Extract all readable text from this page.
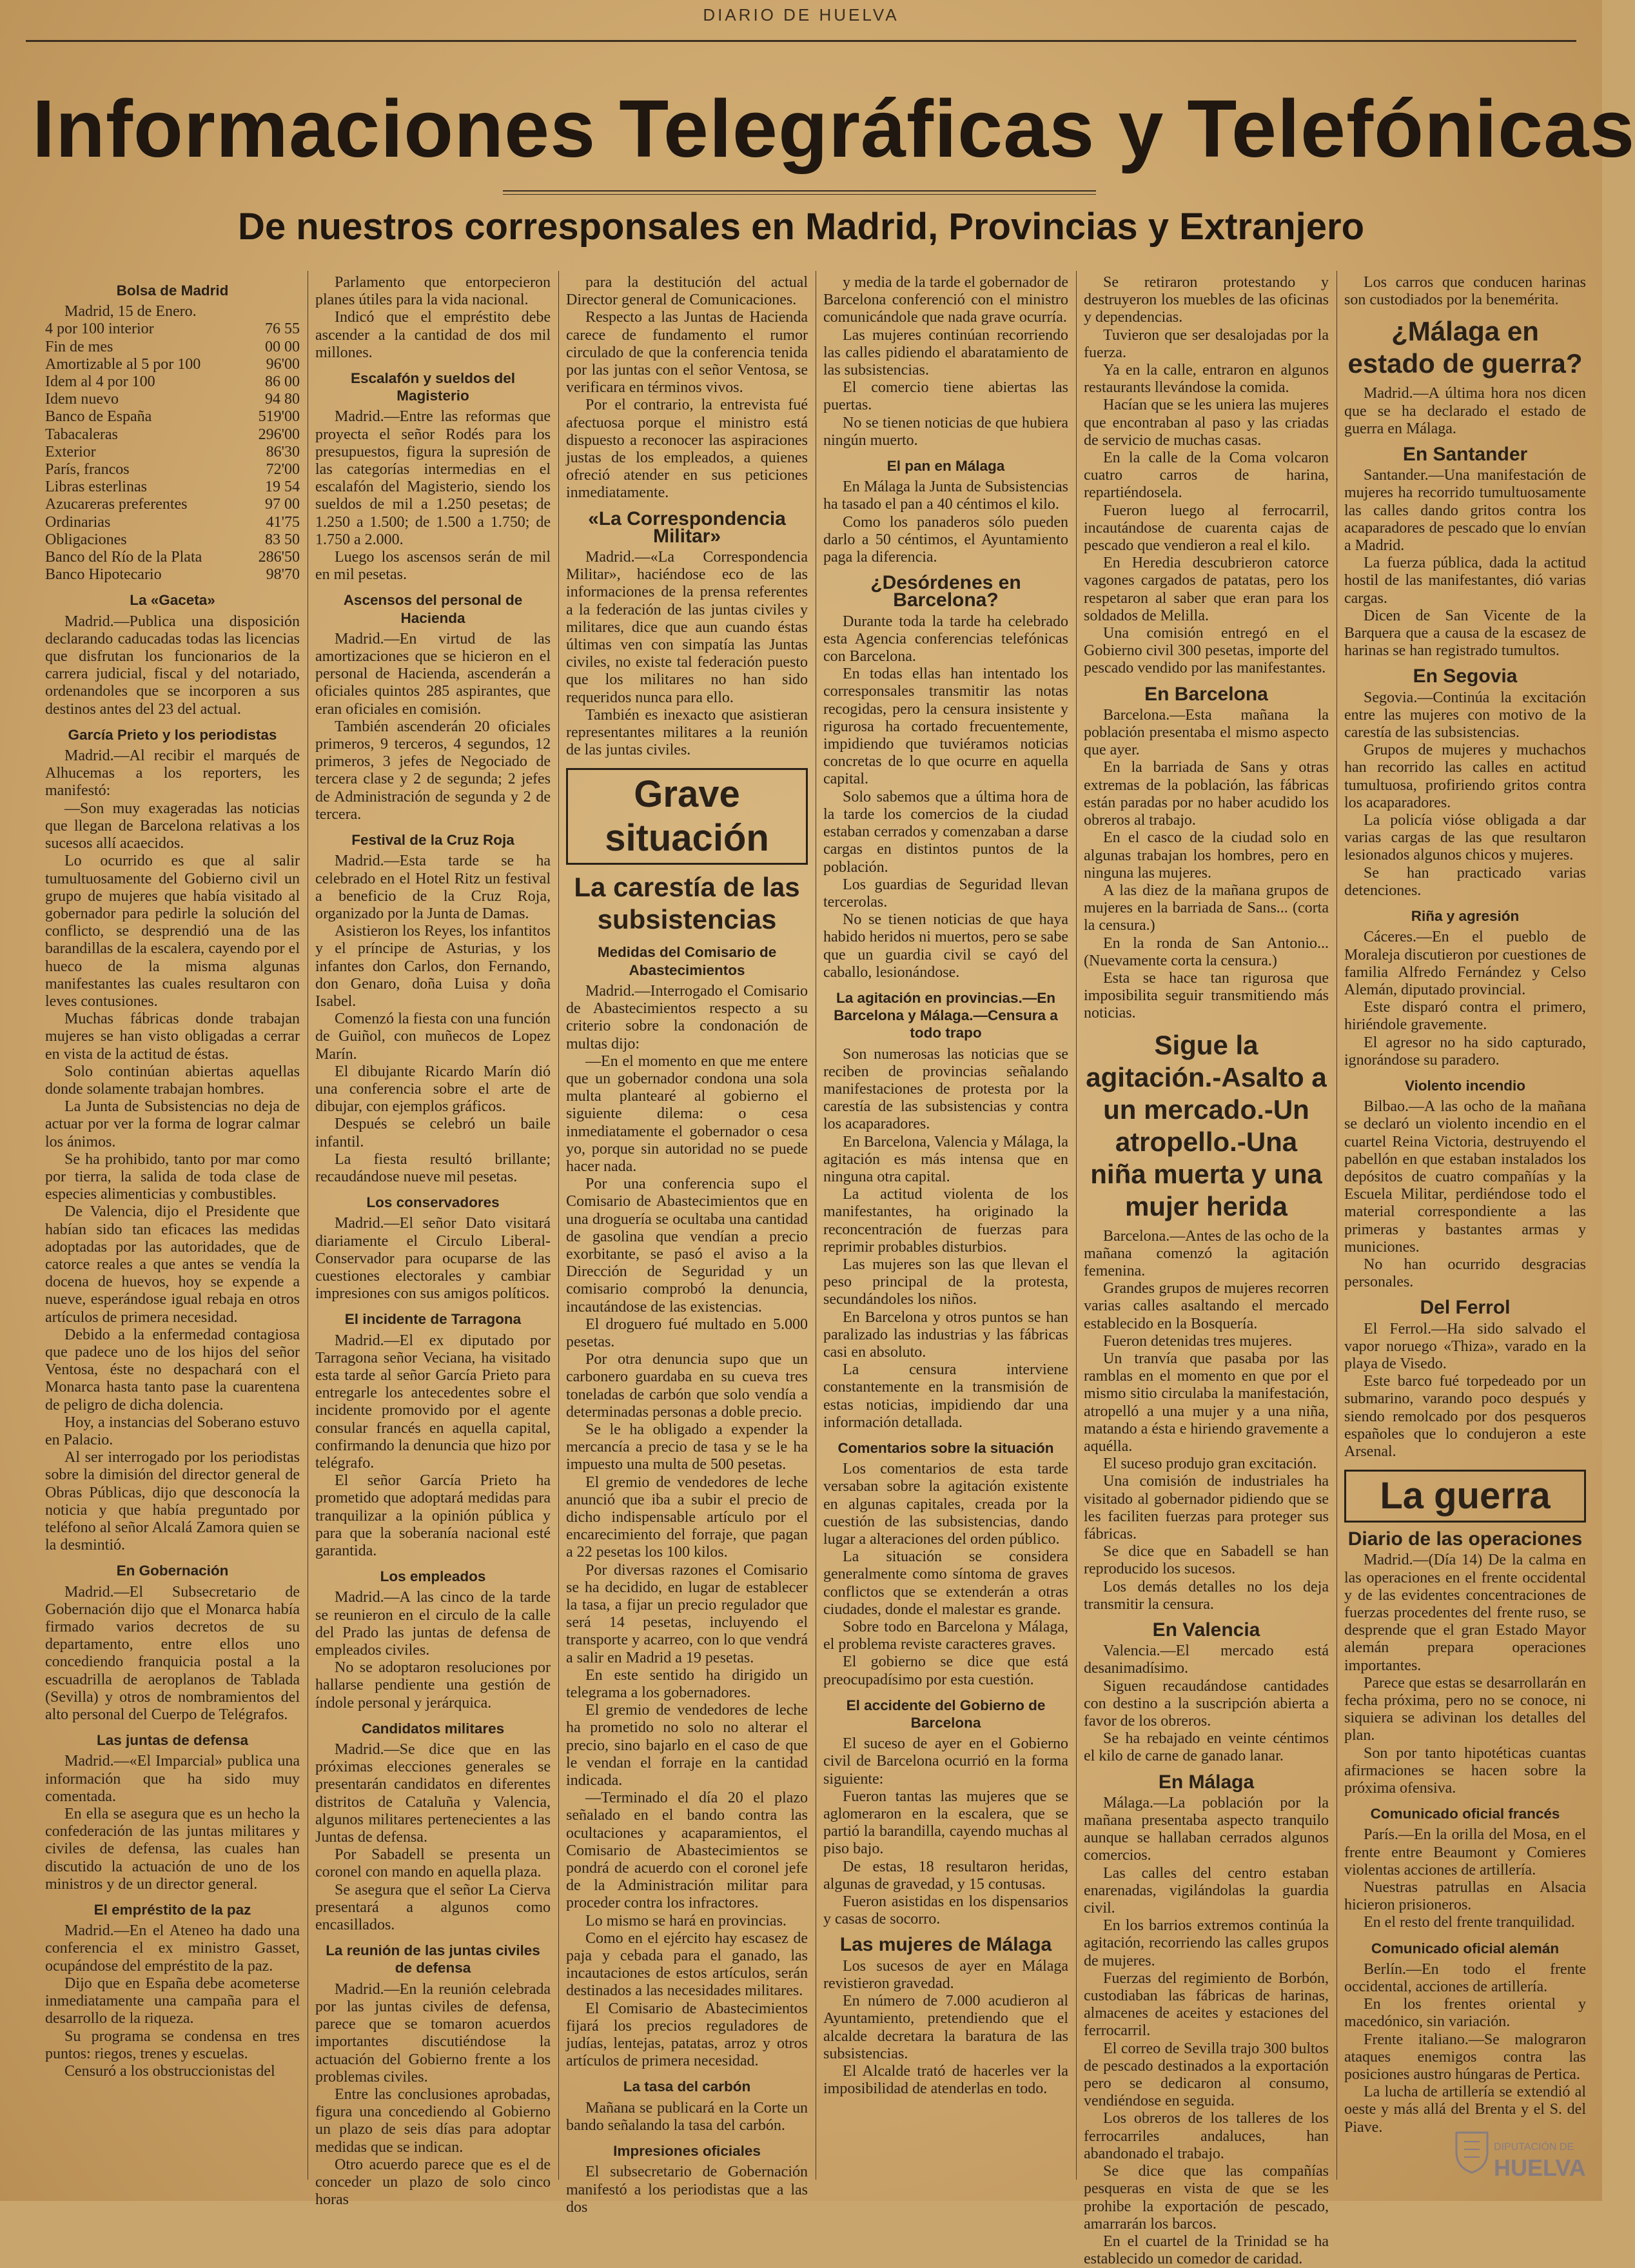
DIARIO DE HUELVA
Informaciones Telegráficas y Telefónicas
De nuestros corresponsales en Madrid, Provincias y Extranjero
Bolsa de Madrid

Madrid, 15 de Enero.

4 por 100 interior	76 55
Fin de mes	00 00
Amortizable al 5 por 100	96'00
Idem al 4 por 100	86 00
Idem nuevo	94 80
Banco de España	519'00
Tabacaleras	296'00
Exterior	86'30
París, francos	72'00
Libras esterlinas	19 54
Azucareras preferentes	97 00
Ordinarias	41'75
Obligaciones	83 50
Banco del Río de la Plata	286'50
Banco Hipotecario	98'70
La «Gaceta»

Madrid.—Publica una disposición declarando caducadas todas las licencias que disfrutan los funcionarios de la carrera judicial, fiscal y del notariado, ordenandoles que se incorporen a sus destinos antes del 23 del actual.

García Prieto y los periodistas

Madrid.—Al recibir el marqués de Alhucemas a los reporters, les manifestó:

—Son muy exageradas las noticias que llegan de Barcelona relativas a los sucesos allí acaecidos.

Lo ocurrido es que al salir tumultuosamente del Gobierno civil un grupo de mujeres que había visitado al gobernador para pedirle la solución del conflicto, se desprendió una de las barandillas de la escalera, cayendo por el hueco de la misma algunas manifestantes las cuales resultaron con leves contusiones.

Muchas fábricas donde trabajan mujeres se han visto obligadas a cerrar en vista de la actitud de éstas.

Solo continúan abiertas aquellas donde solamente trabajan hombres.

La Junta de Subsistencias no deja de actuar por ver la forma de lograr calmar los ánimos.

Se ha prohibido, tanto por mar como por tierra, la salida de toda clase de especies alimenticias y combustibles.

De Valencia, dijo el Presidente que habían sido tan eficaces las medidas adoptadas por las autoridades, que de catorce reales a que antes se vendía la docena de huevos, hoy se expende a nueve, esperándose igual rebaja en otros artículos de primera necesidad.

Debido a la enfermedad contagiosa que padece uno de los hijos del señor Ventosa, éste no despachará con el Monarca hasta tanto pase la cuarentena de peligro de dicha dolencia.

Hoy, a instancias del Soberano estuvo en Palacio.

Al ser interrogado por los periodistas sobre la dimisión del director general de Obras Públicas, dijo que desconocía la noticia y que había preguntado por teléfono al señor Alcalá Zamora quien se la desmintió.

En Gobernación

Madrid.—El Subsecretario de Gobernación dijo que el Monarca había firmado varios decretos de su departamento, entre ellos uno concediendo franquicia postal a la escuadrilla de aeroplanos de Tablada (Sevilla) y otros de nombramientos del alto personal del Cuerpo de Telégrafos.

Las juntas de defensa

Madrid.—«El Imparcial» publica una información que ha sido muy comentada.

En ella se asegura que es un hecho la confederación de las juntas militares y civiles de defensa, las cuales han discutido la actuación de uno de los ministros y de un director general.

El empréstito de la paz

Madrid.—En el Ateneo ha dado una conferencia el ex ministro Gasset, ocupándose del empréstito de la paz.

Dijo que en España debe acometerse inmediatamente una campaña para el desarrollo de la riqueza.

Su programa se condensa en tres puntos: riegos, trenes y escuelas.

Censuró a los obstruccionistas del

Parlamento que entorpecieron planes útiles para la vida nacional.

Indicó que el empréstito debe ascender a la cantidad de dos mil millones.

Escalafón y sueldos del Magisterio

Madrid.—Entre las reformas que proyecta el señor Rodés para los presupuestos, figura la supresión de las categorías intermedias en el escalafón del Magisterio, siendo los sueldos de mil a 1.250 pesetas; de 1.250 a 1.500; de 1.500 a 1.750; de 1.750 a 2.000.

Luego los ascensos serán de mil en mil pesetas.

Ascensos del personal de Hacienda

Madrid.—En virtud de las amortizaciones que se hicieron en el personal de Hacienda, ascenderán a oficiales quintos 285 aspirantes, que eran oficiales en comisión.

También ascenderán 20 oficiales primeros, 9 terceros, 4 segundos, 12 primeros, 3 jefes de Negociado de tercera clase y 2 de segunda; 2 jefes de Administración de segunda y 2 de tercera.

Festival de la Cruz Roja

Madrid.—Esta tarde se ha celebrado en el Hotel Ritz un festival a beneficio de la Cruz Roja, organizado por la Junta de Damas.

Asistieron los Reyes, los infantitos y el príncipe de Asturias, y los infantes don Carlos, don Fernando, don Genaro, doña Luisa y doña Isabel.

Comenzó la fiesta con una función de Guiñol, con muñecos de Lopez Marín.

El dibujante Ricardo Marín dió una conferencia sobre el arte de dibujar, con ejemplos gráficos.

Después se celebró un baile infantil.

La fiesta resultó brillante; recaudándose nueve mil pesetas.

Los conservadores

Madrid.—El señor Dato visitará diariamente el Circulo Liberal-Conservador para ocuparse de las cuestiones electorales y cambiar impresiones con sus amigos políticos.

El incidente de Tarragona

Madrid.—El ex diputado por Tarragona señor Veciana, ha visitado esta tarde al señor García Prieto para entregarle los antecedentes sobre el incidente promovido por el agente consular francés en aquella capital, confirmando la denuncia que hizo por telégrafo.

El señor García Prieto ha prometido que adoptará medidas para tranquilizar a la opinión pública y para que la soberanía nacional esté garantida.

Los empleados

Madrid.—A las cinco de la tarde se reunieron en el circulo de la calle del Prado las juntas de defensa de empleados civiles.

No se adoptaron resoluciones por hallarse pendiente una gestión de índole personal y jerárquica.

Candidatos militares

Madrid.—Se dice que en las próximas elecciones generales se presentarán candidatos en diferentes distritos de Cataluña y Valencia, algunos militares pertenecientes a las Juntas de defensa.

Por Sabadell se presenta un coronel con mando en aquella plaza.

Se asegura que el señor La Cierva presentará a algunos como encasillados.

La reunión de las juntas civiles de defensa

Madrid.—En la reunión celebrada por las juntas civiles de defensa, parece que se tomaron acuerdos importantes discutiéndose la actuación del Gobierno frente a los problemas civiles.

Entre las conclusiones aprobadas, figura una concediendo al Gobierno un plazo de seis días para adoptar medidas que se indican.

Otro acuerdo parece que es el de conceder un plazo de solo cinco horas

para la destitución del actual Director general de Comunicaciones.

Respecto a las Juntas de Hacienda carece de fundamento el rumor circulado de que la conferencia tenida por las juntas con el señor Ventosa, se verificara en términos vivos.

Por el contrario, la entrevista fué afectuosa porque el ministro está dispuesto a reconocer las aspiraciones justas de los empleados, a quienes ofreció atender en sus peticiones inmediatamente.

«La Correspondencia Militar»

Madrid.—«La Correspondencia Militar», haciéndose eco de las informaciones de la prensa referentes a la federación de las juntas civiles y militares, dice que aun cuando éstas últimas ven con simpatía las Juntas civiles, no existe tal federación puesto que los militares no han sido requeridos nunca para ello.

También es inexacto que asistieran representantes militares a la reunión de las juntas civiles.

Grave situación
La carestía de las subsistencias
Medidas del Comisario de Abastecimientos

Madrid.—Interrogado el Comisario de Abastecimientos respecto a su criterio sobre la condonación de multas dijo:

—En el momento en que me entere que un gobernador condona una sola multa plantearé al gobierno el siguiente dilema: o cesa inmediatamente el gobernador o cesa yo, porque sin autoridad no se puede hacer nada.

Por una conferencia supo el Comisario de Abastecimientos que en una droguería se ocultaba una cantidad de gasolina que vendían a precio exorbitante, se pasó el aviso a la Dirección de Seguridad y un comisario comprobó la denuncia, incautándose de las existencias.

El droguero fué multado en 5.000 pesetas.

Por otra denuncia supo que un carbonero guardaba en su cueva tres toneladas de carbón que solo vendía a determinadas personas a doble precio.

Se le ha obligado a expender la mercancía a precio de tasa y se le ha impuesto una multa de 500 pesetas.

El gremio de vendedores de leche anunció que iba a subir el precio de dicho indispensable artículo por el encarecimiento del forraje, que pagan a 22 pesetas los 100 kilos.

Por diversas razones el Comisario se ha decidido, en lugar de establecer la tasa, a fijar un precio regulador que será 14 pesetas, incluyendo el transporte y acarreo, con lo que vendrá a salir en Madrid a 19 pesetas.

En este sentido ha dirigido un telegrama a los gobernadores.

El gremio de vendedores de leche ha prometido no solo no alterar el precio, sino bajarlo en el caso de que le vendan el forraje en la cantidad indicada.

—Terminado el día 20 el plazo señalado en el bando contra las ocultaciones y acaparamientos, el Comisario de Abastecimientos se pondrá de acuerdo con el coronel jefe de la Administración militar para proceder contra los infractores.

Lo mismo se hará en provincias.

Como en el ejército hay escasez de paja y cebada para el ganado, las incautaciones de estos artículos, serán destinados a las necesidades militares.

El Comisario de Abastecimientos fijará los precios reguladores de judías, lentejas, patatas, arroz y otros artículos de primera necesidad.

La tasa del carbón

Mañana se publicará en la Corte un bando señalando la tasa del carbón.

Impresiones oficiales

El subsecretario de Gobernación manifestó a los periodistas que a las dos

y media de la tarde el gobernador de Barcelona conferenció con el ministro comunicándole que nada grave ocurría.

Las mujeres continúan recorriendo las calles pidiendo el abaratamiento de las subsistencias.

El comercio tiene abiertas las puertas.

No se tienen noticias de que hubiera ningún muerto.

El pan en Málaga

En Málaga la Junta de Subsistencias ha tasado el pan a 40 céntimos el kilo.

Como los panaderos sólo pueden darlo a 50 céntimos, el Ayuntamiento paga la diferencia.

¿Desórdenes en Barcelona?

Durante toda la tarde ha celebrado esta Agencia conferencias telefónicas con Barcelona.

En todas ellas han intentado los corresponsales transmitir las notas recogidas, pero la censura insistente y rigurosa ha cortado frecuentemente, impidiendo que tuviéramos noticias concretas de lo que ocurre en aquella capital.

Solo sabemos que a última hora de la tarde los comercios de la ciudad estaban cerrados y comenzaban a darse cargas en distintos puntos de la población.

Los guardias de Seguridad llevan tercerolas.

No se tienen noticias de que haya habido heridos ni muertos, pero se sabe que un guardia civil se cayó del caballo, lesionándose.

La agitación en provincias.—En Barcelona y Málaga.—Censura a todo trapo

Son numerosas las noticias que se reciben de provincias señalando manifestaciones de protesta por la carestía de las subsistencias y contra los acaparadores.

En Barcelona, Valencia y Málaga, la agitación es más intensa que en ninguna otra capital.

La actitud violenta de los manifestantes, ha originado la reconcentración de fuerzas para reprimir probables disturbios.

Las mujeres son las que llevan el peso principal de la protesta, secundándoles los niños.

En Barcelona y otros puntos se han paralizado las industrias y las fábricas casi en absoluto.

La censura interviene constantemente en la transmisión de estas noticias, impidiendo dar una información detallada.

Comentarios sobre la situación

Los comentarios de esta tarde versaban sobre la agitación existente en algunas capitales, creada por la cuestión de las subsistencias, dando lugar a alteraciones del orden público.

La situación se considera generalmente como síntoma de graves conflictos que se extenderán a otras ciudades, donde el malestar es grande.

Sobre todo en Barcelona y Málaga, el problema reviste caracteres graves.

El gobierno se dice que está preocupadísimo por esta cuestión.

El accidente del Gobierno de Barcelona

El suceso de ayer en el Gobierno civil de Barcelona ocurrió en la forma siguiente:

Fueron tantas las mujeres que se aglomeraron en la escalera, que se partió la barandilla, cayendo muchas al piso bajo.

De estas, 18 resultaron heridas, algunas de gravedad, y 15 contusas.

Fueron asistidas en los dispensarios y casas de socorro.

Las mujeres de Málaga

Los sucesos de ayer en Málaga revistieron gravedad.

En número de 7.000 acudieron al Ayuntamiento, pretendiendo que el alcalde decretara la baratura de las subsistencias.

El Alcalde trató de hacerles ver la imposibilidad de atenderlas en todo.

Se retiraron protestando y destruyeron los muebles de las oficinas y dependencias.

Tuvieron que ser desalojadas por la fuerza.

Ya en la calle, entraron en algunos restaurants llevándose la comida.

Hacían que se les uniera las mujeres que encontraban al paso y las criadas de servicio de muchas casas.

En la calle de la Coma volcaron cuatro carros de harina, repartiéndosela.

Fueron luego al ferrocarril, incautándose de cuarenta cajas de pescado que vendieron a real el kilo.

En Heredia descubrieron catorce vagones cargados de patatas, pero los respetaron al saber que eran para los soldados de Melilla.

Una comisión entregó en el Gobierno civil 300 pesetas, importe del pescado vendido por las manifestantes.

En Barcelona

Barcelona.—Esta mañana la población presentaba el mismo aspecto que ayer.

En la barriada de Sans y otras extremas de la población, las fábricas están paradas por no haber acudido los obreros al trabajo.

En el casco de la ciudad solo en algunas trabajan los hombres, pero en ninguna las mujeres.

A las diez de la mañana grupos de mujeres en la barriada de Sans... (corta la censura.)

En la ronda de San Antonio... (Nuevamente corta la censura.)

Esta se hace tan rigurosa que imposibilita seguir transmitiendo más noticias.

Sigue la agitación.-Asalto a un mercado.-Un atropello.-Una niña muerta y una mujer herida

Barcelona.—Antes de las ocho de la mañana comenzó la agitación femenina.

Grandes grupos de mujeres recorren varias calles asaltando el mercado establecido en la Bosquería.

Fueron detenidas tres mujeres.

Un tranvía que pasaba por las ramblas en el momento en que por el mismo sitio circulaba la manifestación, atropelló a una mujer y a una niña, matando a ésta e hiriendo gravemente a aquélla.

El suceso produjo gran excitación.

Una comisión de industriales ha visitado al gobernador pidiendo que se les faciliten fuerzas para proteger sus fábricas.

Se dice que en Sabadell se han reproducido los sucesos.

Los demás detalles no los deja transmitir la censura.

En Valencia

Valencia.—El mercado está desanimadísimo.

Siguen recaudándose cantidades con destino a la suscripción abierta a favor de los obreros.

Se ha rebajado en veinte céntimos el kilo de carne de ganado lanar.

En Málaga

Málaga.—La población por la mañana presentaba aspecto tranquilo aunque se hallaban cerrados algunos comercios.

Las calles del centro estaban enarenadas, vigilándolas la guardia civil.

En los barrios extremos continúa la agitación, recorriendo las calles grupos de mujeres.

Fuerzas del regimiento de Borbón, custodiaban las fábricas de harinas, almacenes de aceites y estaciones del ferrocarril.

El correo de Sevilla trajo 300 bultos de pescado destinados a la exportación pero se dedicaron al consumo, vendiéndose en seguida.

Los obreros de los talleres de los ferrocarriles andaluces, han abandonado el trabajo.

Se dice que las compañías pesqueras en vista de que se les prohibe la exportación de pescado, amarrarán los barcos.

En el cuartel de la Trinidad se ha establecido un comedor de caridad.

Los carros que conducen harinas son custodiados por la benemérita.

¿Málaga en estado de guerra?

Madrid.—A última hora nos dicen que se ha declarado el estado de guerra en Málaga.

En Santander

Santander.—Una manifestación de mujeres ha recorrido tumultuosamente las calles dando gritos contra los acaparadores de pescado que lo envían a Madrid.

La fuerza pública, dada la actitud hostil de las manifestantes, dió varias cargas.

Dicen de San Vicente de la Barquera que a causa de la escasez de harinas se han registrado tumultos.

En Segovia

Segovia.—Continúa la excitación entre las mujeres con motivo de la carestía de las subsistencias.

Grupos de mujeres y muchachos han recorrido las calles en actitud tumultuosa, profiriendo gritos contra los acaparadores.

La policía vióse obligada a dar varias cargas de las que resultaron lesionados algunos chicos y mujeres.

Se han practicado varias detenciones.

Riña y agresión

Cáceres.—En el pueblo de Moraleja discutieron por cuestiones de familia Alfredo Fernández y Celso Alemán, diputado provincial.

Este disparó contra el primero, hiriéndole gravemente.

El agresor no ha sido capturado, ignorándose su paradero.

Violento incendio

Bilbao.—A las ocho de la mañana se declaró un violento incendio en el cuartel Reina Victoria, destruyendo el pabellón en que estaban instalados los depósitos de cuatro compañías y la Escuela Militar, perdiéndose todo el material correspondiente a las primeras y bastantes armas y municiones.

No han ocurrido desgracias personales.

Del Ferrol

El Ferrol.—Ha sido salvado el vapor noruego «Thiza», varado en la playa de Visedo.

Este barco fué torpedeado por un submarino, varando poco después y siendo remolcado por dos pesqueros españoles que lo condujeron a este Arsenal.

La guerra
Diario de las operaciones

Madrid.—(Día 14) De la calma en las operaciones en el frente occidental y de las evidentes concentraciones de fuerzas procedentes del frente ruso, se desprende que el gran Estado Mayor alemán prepara operaciones importantes.

Parece que estas se desarrollarán en fecha próxima, pero no se conoce, ni siquiera se adivinan los detalles del plan.

Son por tanto hipotéticas cuantas afirmaciones se hacen sobre la próxima ofensiva.

Comunicado oficial francés

París.—En la orilla del Mosa, en el frente entre Beaumont y Comieres violentas acciones de artillería.

Nuestras patrullas en Alsacia hicieron prisioneros.

En el resto del frente tranquilidad.

Comunicado oficial alemán

Berlín.—En todo el frente occidental, acciones de artillería.

En los frentes oriental y macedónico, sin variación.

Frente italiano.—Se malograron ataques enemigos contra las posiciones austro húngaras de Pertica.

La lucha de artillería se extendió al oeste y más allá del Brenta y el S. del Piave.

DIPUTACIÓN DE
HUELVA
